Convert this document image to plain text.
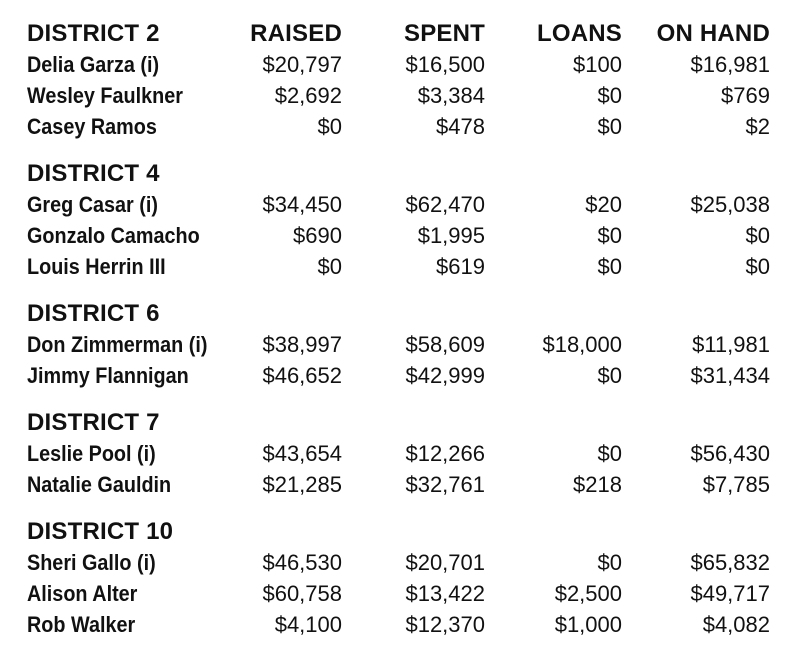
DISTRICT 2	RAISED	SPENT	LOANS	ON HAND
Delia Garza (i)	$20,797	$16,500	$100	$16,981
Wesley Faulkner	$2,692	$3,384	$0	$769
Casey Ramos	$0	$478	$0	$2

DISTRICT 4				
Greg Casar (i)	$34,450	$62,470	$20	$25,038
Gonzalo Camacho	$690	$1,995	$0	$0
Louis Herrin III	$0	$619	$0	$0

DISTRICT 6				
Don Zimmerman (i)	$38,997	$58,609	$18,000	$11,981
Jimmy Flannigan	$46,652	$42,999	$0	$31,434

DISTRICT 7				
Leslie Pool (i)	$43,654	$12,266	$0	$56,430
Natalie Gauldin	$21,285	$32,761	$218	$7,785

DISTRICT 10				
Sheri Gallo (i)	$46,530	$20,701	$0	$65,832
Alison Alter	$60,758	$13,422	$2,500	$49,717
Rob Walker	$4,100	$12,370	$1,000	$4,082
